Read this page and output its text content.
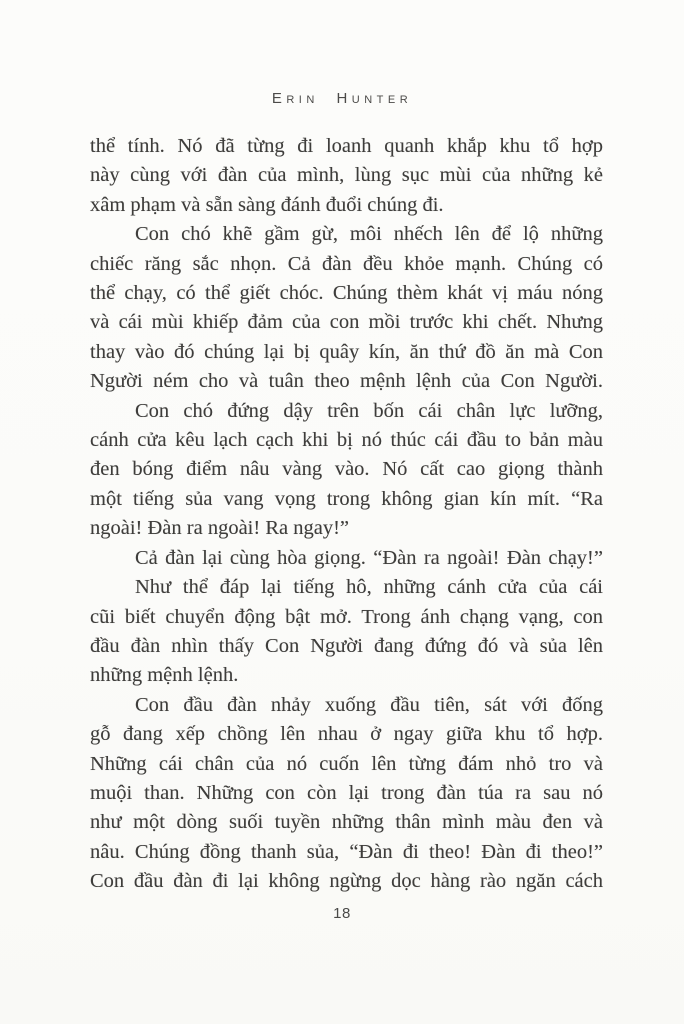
Erin Hunter
thể tính. Nó đã từng đi loanh quanh khắp khu tổ hợp
này cùng với đàn của mình, lùng sục mùi của những kẻ
xâm phạm và sẵn sàng đánh đuổi chúng đi.
Con chó khẽ gầm gừ, môi nhếch lên để lộ những
chiếc răng sắc nhọn. Cả đàn đều khỏe mạnh. Chúng có
thể chạy, có thể giết chóc. Chúng thèm khát vị máu nóng
và cái mùi khiếp đảm của con mồi trước khi chết. Nhưng
thay vào đó chúng lại bị quây kín, ăn thứ đồ ăn mà Con
Người ném cho và tuân theo mệnh lệnh của Con Người.
Con chó đứng dậy trên bốn cái chân lực lưỡng,
cánh cửa kêu lạch cạch khi bị nó thúc cái đầu to bản màu
đen bóng điểm nâu vàng vào. Nó cất cao giọng thành
một tiếng sủa vang vọng trong không gian kín mít. “Ra
ngoài! Đàn ra ngoài! Ra ngay!”
Cả đàn lại cùng hòa giọng. “Đàn ra ngoài! Đàn chạy!”
Như thể đáp lại tiếng hô, những cánh cửa của cái
cũi biết chuyển động bật mở. Trong ánh chạng vạng, con
đầu đàn nhìn thấy Con Người đang đứng đó và sủa lên
những mệnh lệnh.
Con đầu đàn nhảy xuống đầu tiên, sát với đống
gỗ đang xếp chồng lên nhau ở ngay giữa khu tổ hợp.
Những cái chân của nó cuốn lên từng đám nhỏ tro và
muội than. Những con còn lại trong đàn túa ra sau nó
như một dòng suối tuyền những thân mình màu đen và
nâu. Chúng đồng thanh sủa, “Đàn đi theo! Đàn đi theo!”
Con đầu đàn đi lại không ngừng dọc hàng rào ngăn cách
18
